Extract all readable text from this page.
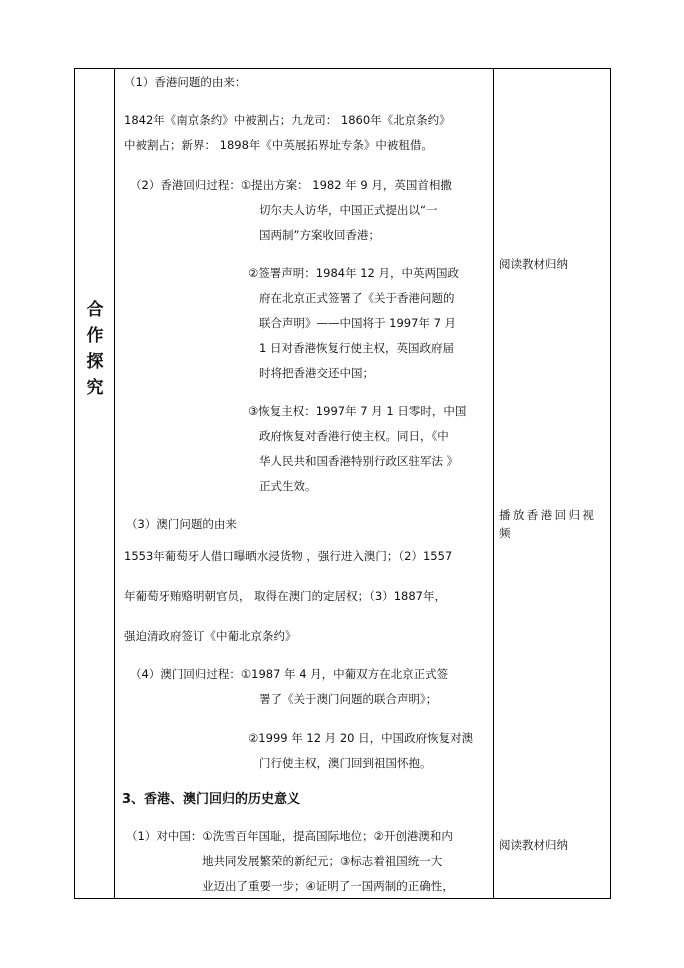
合
作
探
究
（1）香港问题的由来：
1842年《南京条约》中被割占；九龙司： 1860年《北京条约》
中被割占；新界： 1898年《中英展拓界址专条》中被租借。
（2）香港回归过程：①提出方案： 1982 年 9 月，英国首相撒
切尔夫人访华，中国正式提出以“一
国两制”方案收回香港；
②签署声明：1984年 12 月，中英两国政
府在北京正式签署了《关于香港问题的
联合声明》——中国将于 1997年 7 月
1 日对香港恢复行使主权，英国政府届
时将把香港交还中国；
③恢复主权：1997年 7 月 1 日零时，中国
政府恢复对香港行使主权。同日，《中
华人民共和国香港特别行政区驻军法 》
正式生效。
（3）澳门问题的由来
1553年葡萄牙人借口曝晒水浸货物 ，强行进入澳门；（2）1557
年葡萄牙贿赂明朝官员， 取得在澳门的定居权；（3）1887年，
强迫清政府签订《中葡北京条约》
（4）澳门回归过程：①1987 年 4 月，中葡双方在北京正式签
署了《关于澳门问题的联合声明》；
②1999 年 12 月 20 日，中国政府恢复对澳
门行使主权，澳门回到祖国怀抱。
3、香港、澳门回归的历史意义
（1）对中国：①洗雪百年国耻，提高国际地位；②开创港澳和内
地共同发展繁荣的新纪元；③标志着祖国统一大
业迈出了重要一步；④证明了一国两制的正确性，
阅读教材归纳
播放香港回归视
频
阅读教材归纳
